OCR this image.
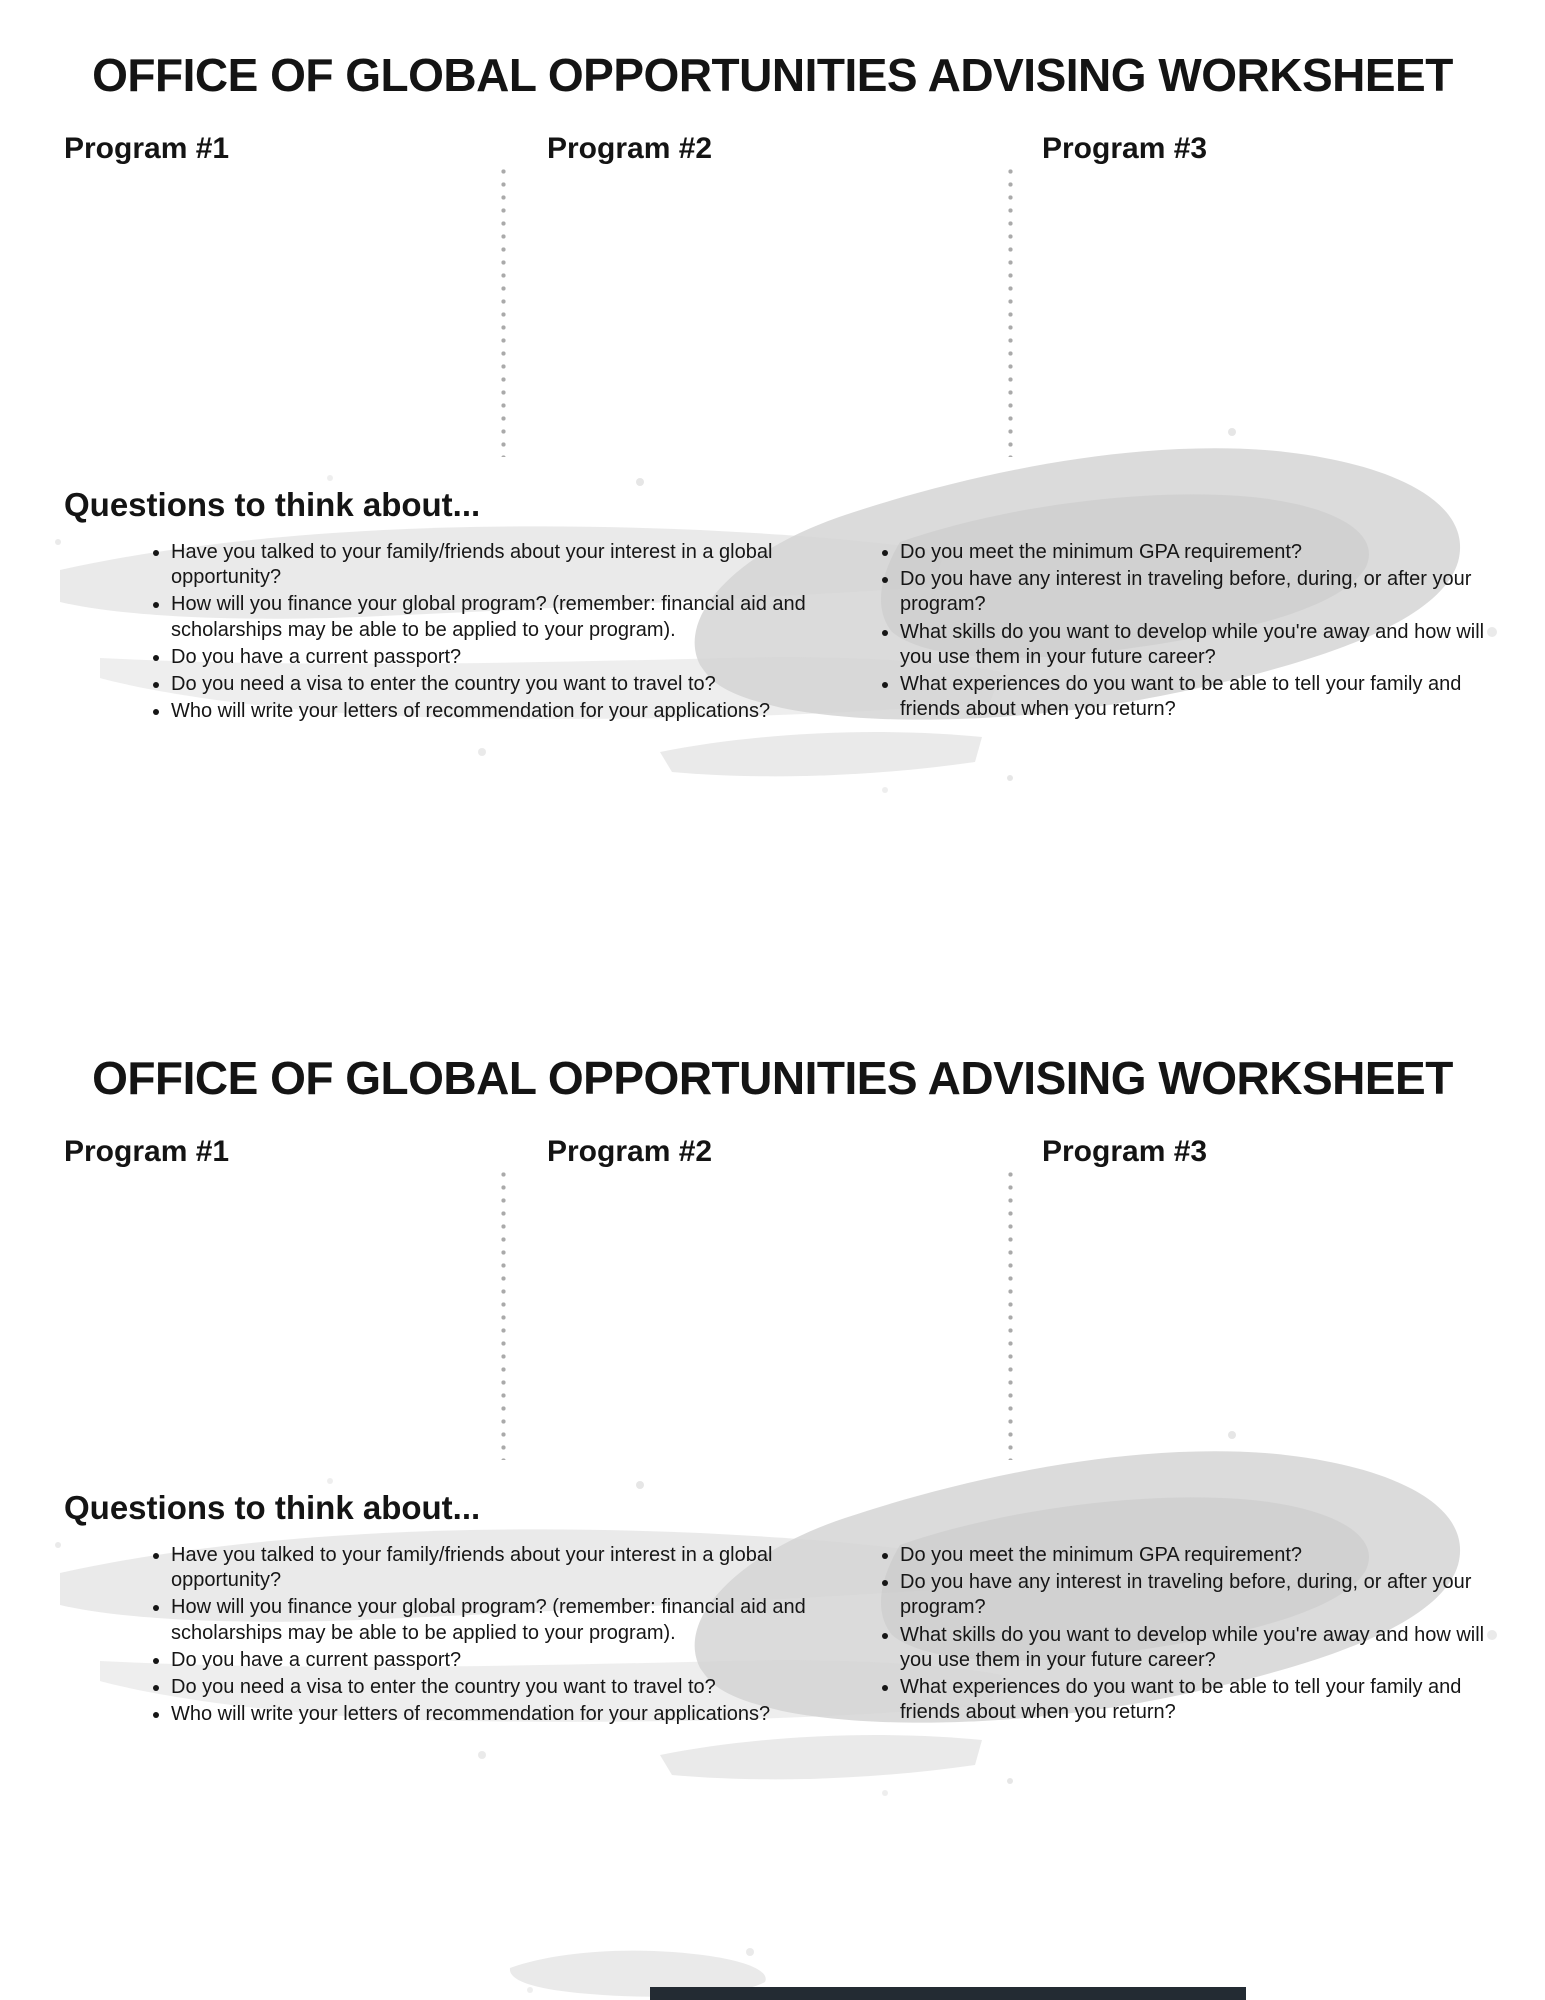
OFFICE OF GLOBAL OPPORTUNITIES ADVISING WORKSHEET
Program #1	Program #2	Program #3
Questions to think about...
• Have you talked to your family/friends about your interest in a global opportunity?
• How will you finance your global program? (remember: financial aid and scholarships may be able to be applied to your program).
• Do you have a current passport?
• Do you need a visa to enter the country you want to travel to?
• Who will write your letters of recommendation for your applications?
• Do you meet the minimum GPA requirement?
• Do you have any interest in traveling before, during, or after your program?
• What skills do you want to develop while you're away and how will you use them in your future career?
• What experiences do you want to be able to tell your family and friends about when you return?
OFFICE OF GLOBAL OPPORTUNITIES ADVISING WORKSHEET
Program #1	Program #2	Program #3
Questions to think about...
• Have you talked to your family/friends about your interest in a global opportunity?
• How will you finance your global program? (remember: financial aid and scholarships may be able to be applied to your program).
• Do you have a current passport?
• Do you need a visa to enter the country you want to travel to?
• Who will write your letters of recommendation for your applications?
• Do you meet the minimum GPA requirement?
• Do you have any interest in traveling before, during, or after your program?
• What skills do you want to develop while you're away and how will you use them in your future career?
• What experiences do you want to be able to tell your family and friends about when you return?
